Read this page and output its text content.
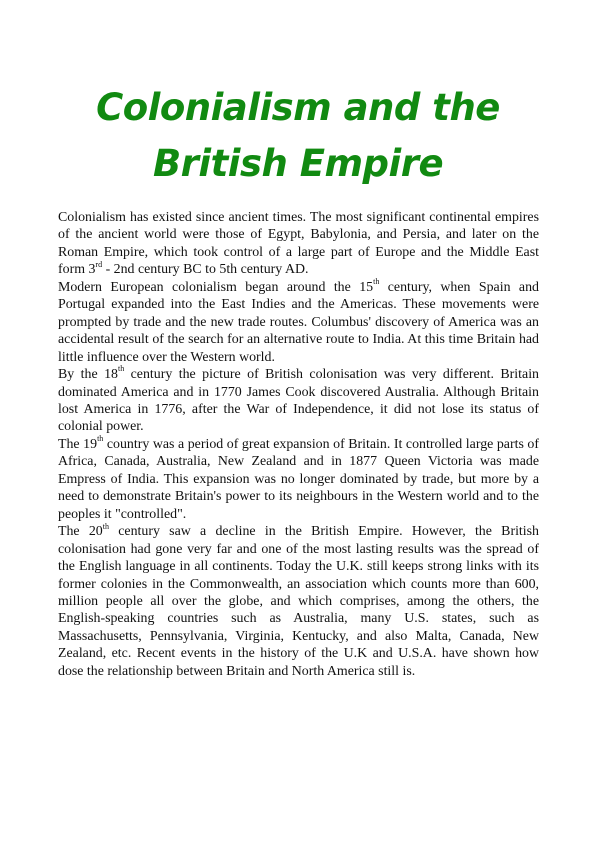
Colonialism and the
British Empire

Colonialism has existed since ancient times. The most significant continental empires of the ancient world were those of Egypt, Babylonia, and Persia, and later on the Roman Empire, which took control of a large part of Europe and the Middle East form 3rd - 2nd century BC to 5th century AD.

Modern European colonialism began around the 15th century, when Spain and Portugal expanded into the East Indies and the Americas. These movements were prompted by trade and the new trade routes. Columbus' discovery of America was an accidental result of the search for an alternative route to India. At this time Britain had little influence over the Western world.

By the 18th century the picture of British colonisation was very different. Britain dominated America and in 1770 James Cook discovered Australia. Although Britain lost America in 1776, after the War of Independence, it did not lose its status of colonial power.

The 19th country was a period of great expansion of Britain. It controlled large parts of Africa, Canada, Australia, New Zealand and in 1877 Queen Victoria was made Empress of India. This expansion was no longer dominated by trade, but more by a need to demonstrate Britain's power to its neighbours in the Western world and to the peoples it "controlled".

The 20th century saw a decline in the British Empire. However, the British colonisation had gone very far and one of the most lasting results was the spread of the English language in all continents. Today the U.K. still keeps strong links with its former colonies in the Commonwealth, an association which counts more than 600, million people all over the globe, and which comprises, among the others, the English-speaking countries such as Australia, many U.S. states, such as Massachusetts, Pennsylvania, Virginia, Kentucky, and also Malta, Canada, New Zealand, etc. Recent events in the history of the U.K and U.S.A. have shown how dose the relationship between Britain and North America still is.
